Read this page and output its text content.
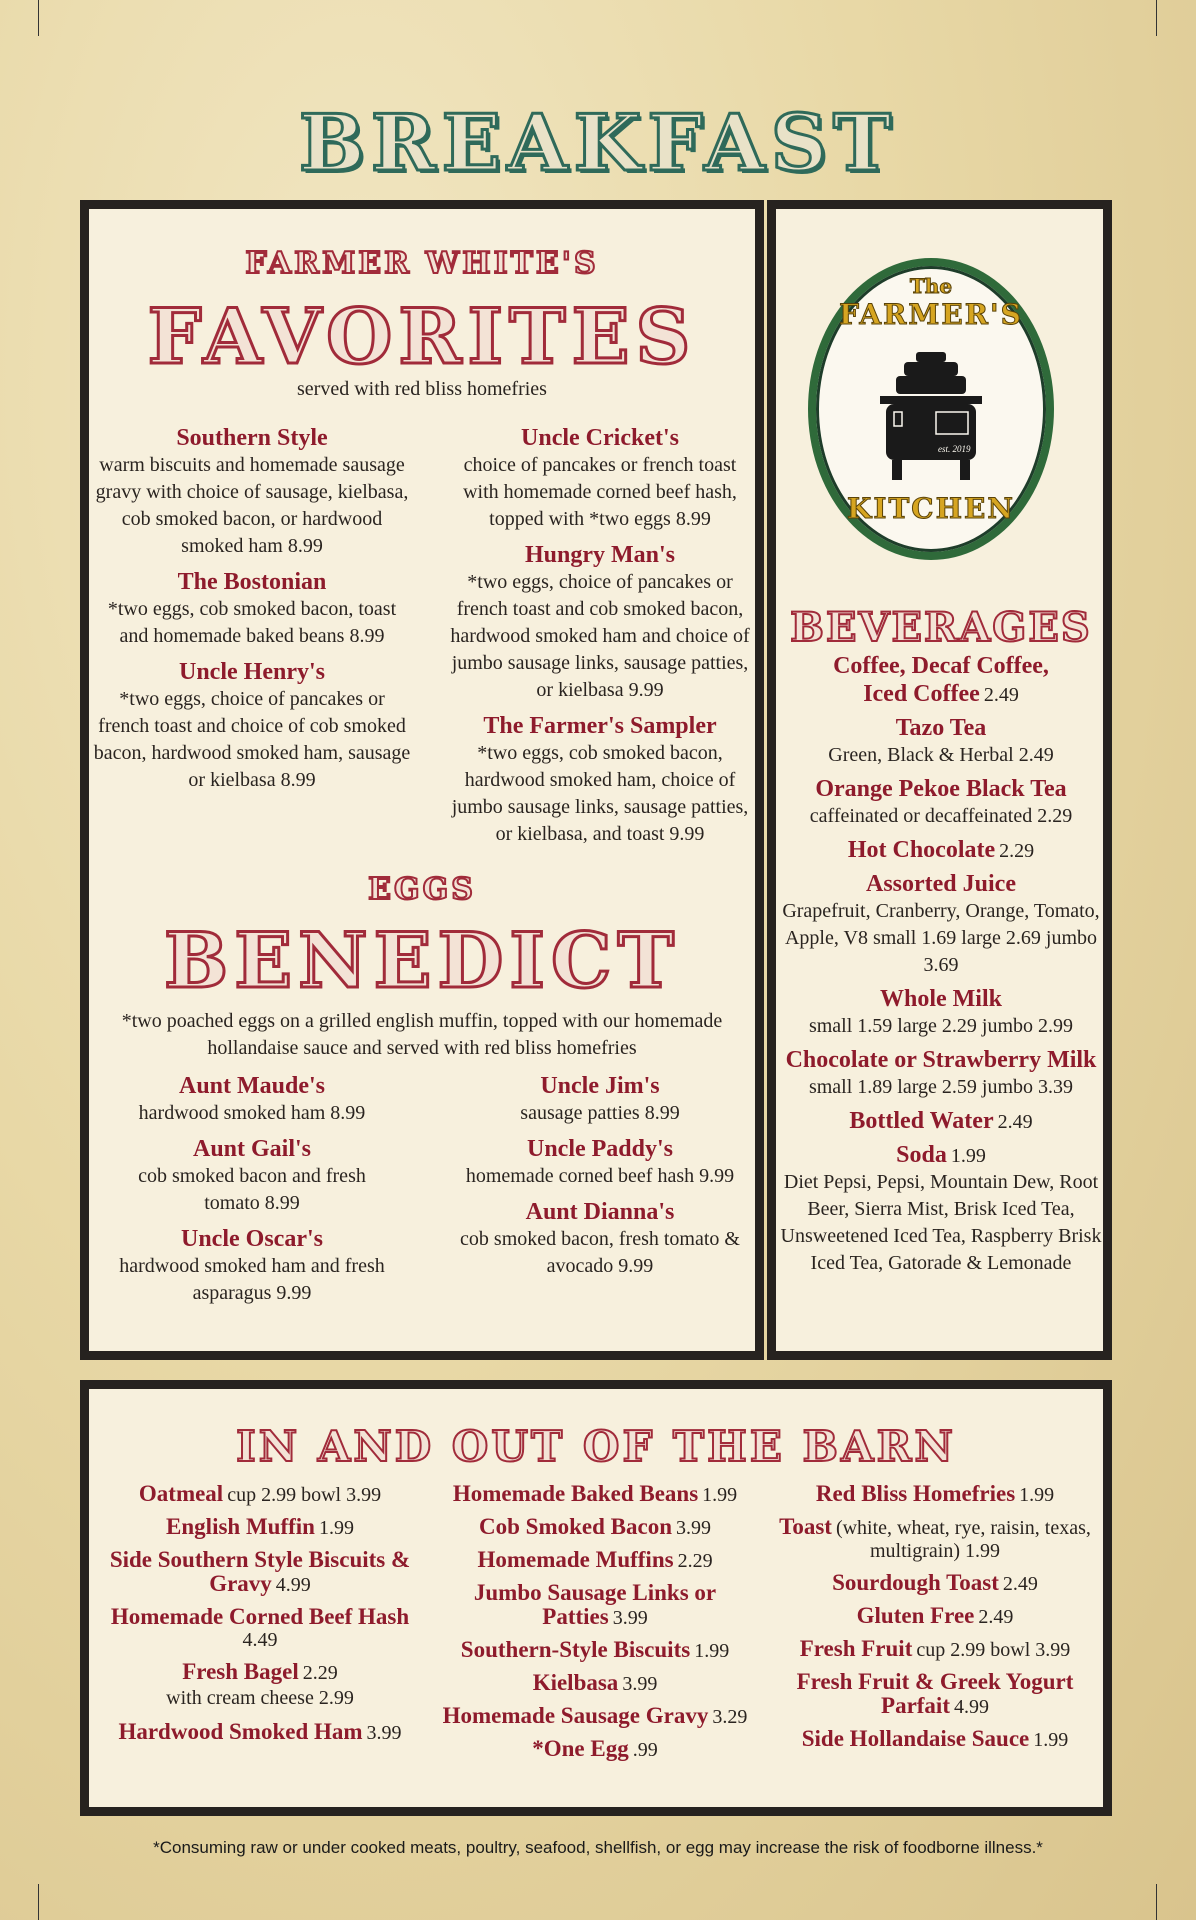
BREAKFAST
FARMER WHITE'S
FAVORITES
served with red bliss homefries
Southern Style
warm biscuits and homemade sausage gravy with choice of sausage, kielbasa, cob smoked bacon, or hardwood smoked ham 8.99
The Bostonian
*two eggs, cob smoked bacon, toast and homemade baked beans 8.99
Uncle Henry's
*two eggs, choice of pancakes or french toast and choice of cob smoked bacon, hardwood smoked ham, sausage or kielbasa 8.99
Uncle Cricket's
choice of pancakes or french toast with homemade corned beef hash, topped with *two eggs 8.99
Hungry Man's
*two eggs, choice of pancakes or french toast and cob smoked bacon, hardwood smoked ham and choice of jumbo sausage links, sausage patties, or kielbasa 9.99
The Farmer's Sampler
*two eggs, cob smoked bacon, hardwood smoked ham, choice of jumbo sausage links, sausage patties, or kielbasa, and toast 9.99
EGGS
BENEDICT
*two poached eggs on a grilled english muffin, topped with our homemade hollandaise sauce and served with red bliss homefries
Aunt Maude's
hardwood smoked ham 8.99
Aunt Gail's
cob smoked bacon and fresh tomato 8.99
Uncle Oscar's
hardwood smoked ham and fresh asparagus 9.99
Uncle Jim's
sausage patties 8.99
Uncle Paddy's
homemade corned beef hash 9.99
Aunt Dianna's
cob smoked bacon, fresh tomato & avocado 9.99
The
FARMER'S
est. 2019
KITCHEN
BEVERAGES
Coffee, Decaf Coffee,
Iced Coffee 2.49
Tazo Tea
Green, Black & Herbal 2.49
Orange Pekoe Black Tea
caffeinated or decaffeinated 2.29
Hot Chocolate 2.29
Assorted Juice
Grapefruit, Cranberry, Orange, Tomato, Apple, V8 small 1.69 large 2.69 jumbo 3.69
Whole Milk
small 1.59 large 2.29 jumbo 2.99
Chocolate or Strawberry Milk
small 1.89 large 2.59 jumbo 3.39
Bottled Water 2.49
Soda 1.99
Diet Pepsi, Pepsi, Mountain Dew, Root Beer, Sierra Mist, Brisk Iced Tea, Unsweetened Iced Tea, Raspberry Brisk Iced Tea, Gatorade & Lemonade
IN AND OUT OF THE BARN
Oatmeal cup 2.99 bowl 3.99
English Muffin 1.99
Side Southern Style Biscuits & Gravy 4.99
Homemade Corned Beef Hash 4.49
Fresh Bagel 2.29
with cream cheese 2.99
Hardwood Smoked Ham 3.99
Homemade Baked Beans 1.99
Cob Smoked Bacon 3.99
Homemade Muffins 2.29
Jumbo Sausage Links or Patties 3.99
Southern-Style Biscuits 1.99
Kielbasa 3.99
Homemade Sausage Gravy 3.29
*One Egg .99
Red Bliss Homefries 1.99
Toast (white, wheat, rye, raisin, texas, multigrain) 1.99
Sourdough Toast 2.49
Gluten Free 2.49
Fresh Fruit cup 2.99 bowl 3.99
Fresh Fruit & Greek Yogurt Parfait 4.99
Side Hollandaise Sauce 1.99
*Consuming raw or under cooked meats, poultry, seafood, shellfish, or egg may increase the risk of foodborne illness.*
